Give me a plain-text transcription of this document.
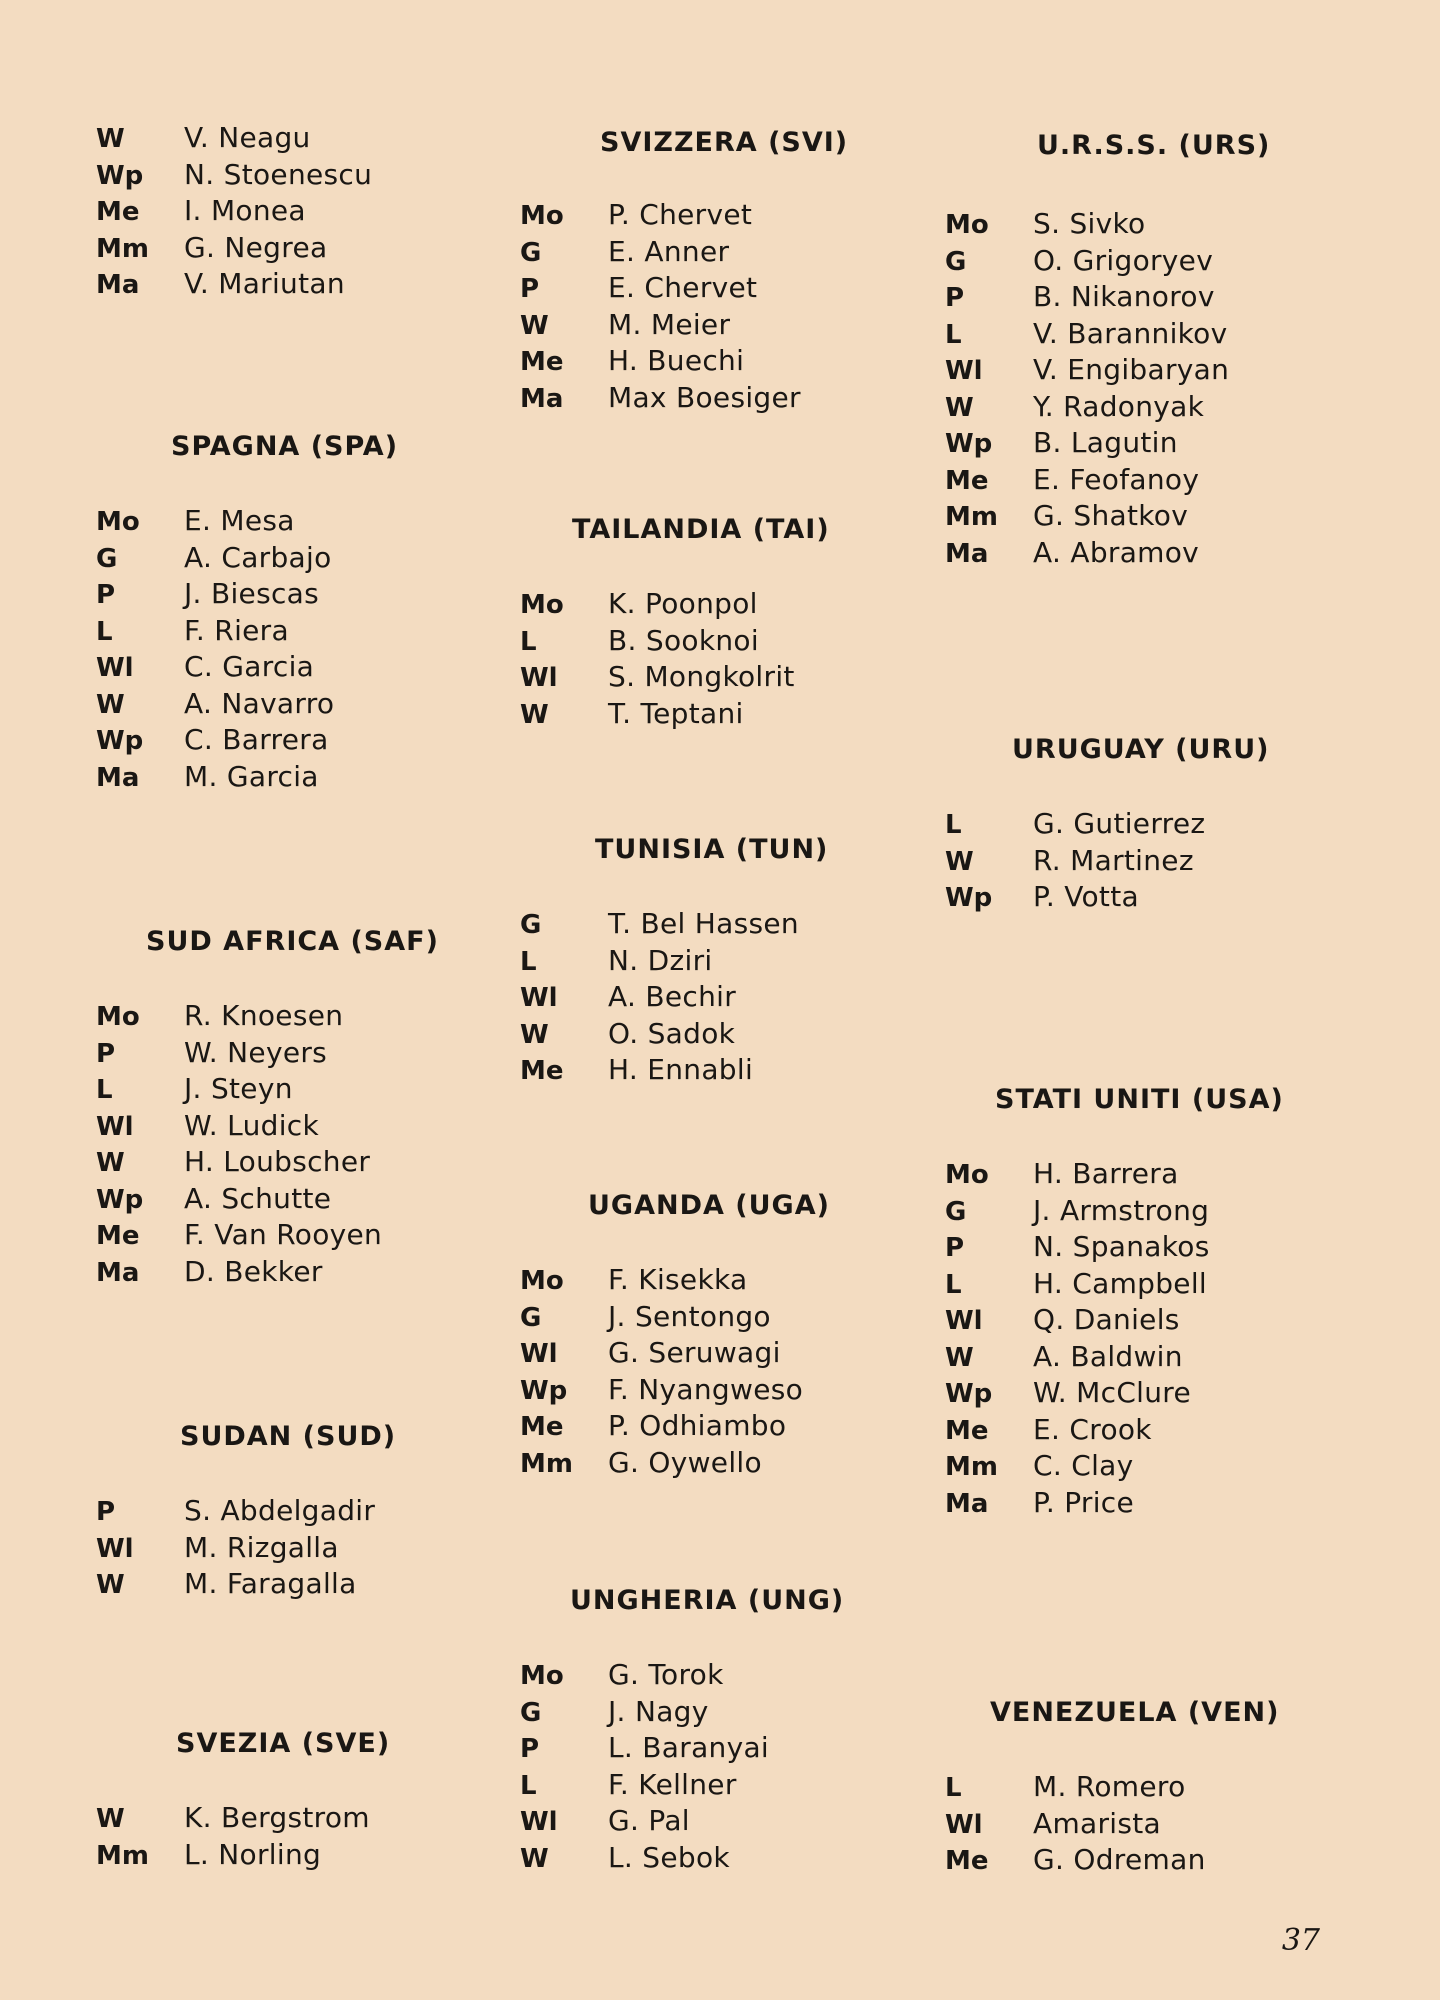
W	V. Neagu
Wp	N. Stoenescu
Me	I. Monea
Mm	G. Negrea
Ma	V. Mariutan
SPAGNA (SPA)
Mo	E. Mesa
G	A. Carbajo
P	J. Biescas
L	F. Riera
Wl	C. Garcia
W	A. Navarro
Wp	C. Barrera
Ma	M. Garcia
SUD AFRICA (SAF)
Mo	R. Knoesen
P	W. Neyers
L	J. Steyn
Wl	W. Ludick
W	H. Loubscher
Wp	A. Schutte
Me	F. Van Rooyen
Ma	D. Bekker
SUDAN (SUD)
P	S. Abdelgadir
Wl	M. Rizgalla
W	M. Faragalla
SVEZIA (SVE)
W	K. Bergstrom
Mm	L. Norling
SVIZZERA (SVI)
Mo	P. Chervet
G	E. Anner
P	E. Chervet
W	M. Meier
Me	H. Buechi
Ma	Max Boesiger
TAILANDIA (TAI)
Mo	K. Poonpol
L	B. Sooknoi
Wl	S. Mongkolrit
W	T. Teptani
TUNISIA (TUN)
G	T. Bel Hassen
L	N. Dziri
Wl	A. Bechir
W	O. Sadok
Me	H. Ennabli
UGANDA (UGA)
Mo	F. Kisekka
G	J. Sentongo
Wl	G. Seruwagi
Wp	F. Nyangweso
Me	P. Odhiambo
Mm	G. Oywello
UNGHERIA (UNG)
Mo	G. Torok
G	J. Nagy
P	L. Baranyai
L	F. Kellner
Wl	G. Pal
W	L. Sebok
U.R.S.S. (URS)
Mo	S. Sivko
G	O. Grigoryev
P	B. Nikanorov
L	V. Barannikov
Wl	V. Engibaryan
W	Y. Radonyak
Wp	B. Lagutin
Me	E. Feofanoy
Mm	G. Shatkov
Ma	A. Abramov
URUGUAY (URU)
L	G. Gutierrez
W	R. Martinez
Wp	P. Votta
STATI UNITI (USA)
Mo	H. Barrera
G	J. Armstrong
P	N. Spanakos
L	H. Campbell
Wl	Q. Daniels
W	A. Baldwin
Wp	W. McClure
Me	E. Crook
Mm	C. Clay
Ma	P. Price
VENEZUELA (VEN)
L	M. Romero
Wl	Amarista
Me	G. Odreman
37
